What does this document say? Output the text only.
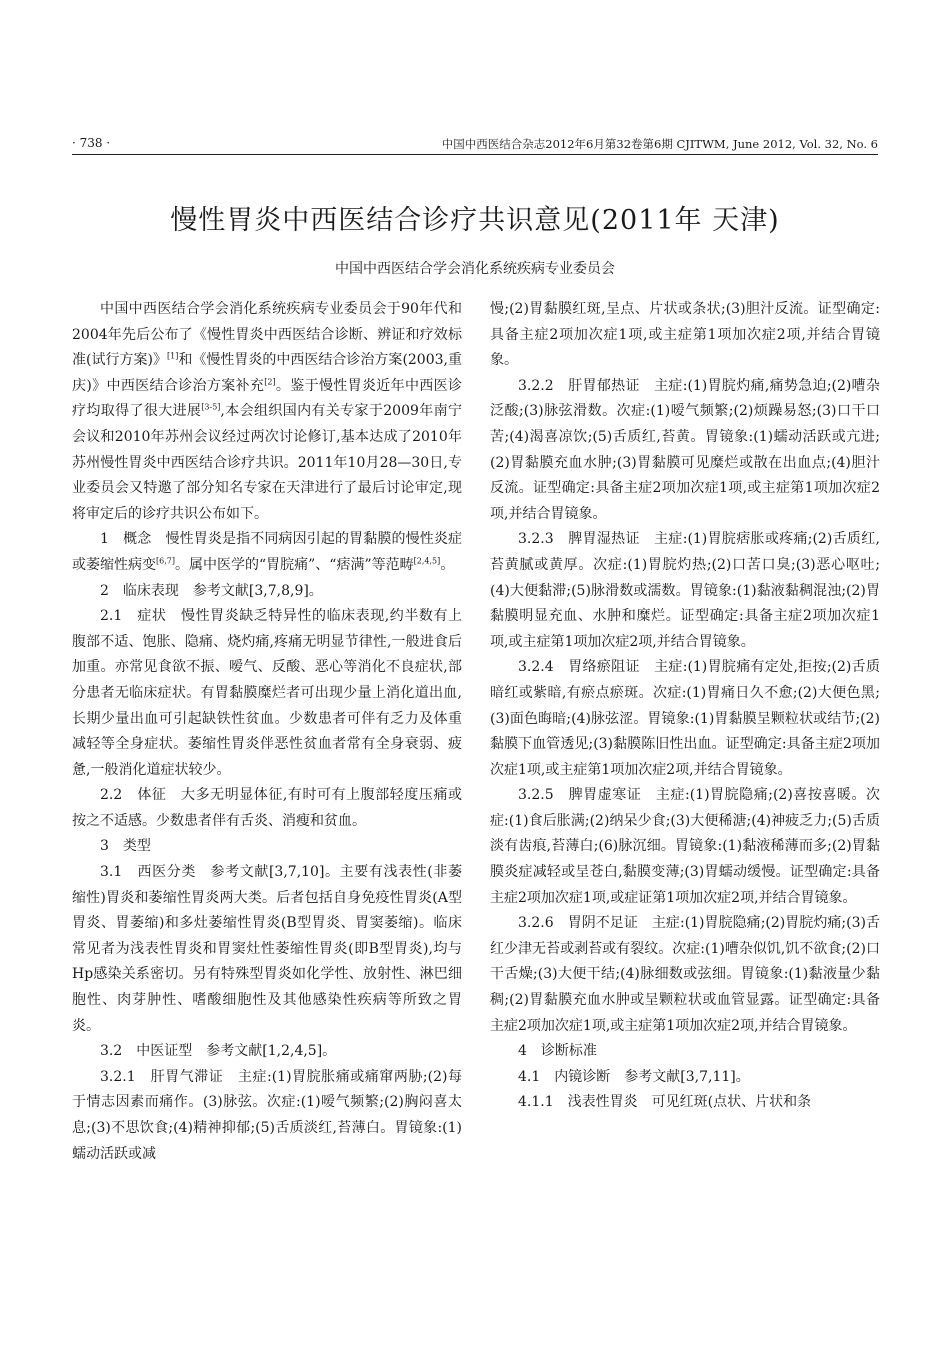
· 738 ·	中国中西医结合杂志2012年6月第32卷第6期 CJITWM, June 2012, Vol. 32, No. 6
慢性胃炎中西医结合诊疗共识意见(2011年 天津)
中国中西医结合学会消化系统疾病专业委员会

中国中西医结合学会消化系统疾病专业委员会于90年代和2004年先后公布了《慢性胃炎中西医结合诊断、辨证和疗效标准(试行方案)》[1]和《慢性胃炎的中西医结合诊治方案(2003,重庆)》中西医结合诊治方案补充[2]。鉴于慢性胃炎近年中西医诊疗均取得了很大进展[3-5],本会组织国内有关专家于2009年南宁会议和2010年苏州会议经过两次讨论修订,基本达成了2010年苏州慢性胃炎中西医结合诊疗共识。2011年10月28—30日,专业委员会又特邀了部分知名专家在天津进行了最后讨论审定,现将审定后的诊疗共识公布如下。

1　概念　慢性胃炎是指不同病因引起的胃黏膜的慢性炎症或萎缩性病变[6,7]。属中医学的“胃脘痛”、“痞满”等范畴[2,4,5]。

2　临床表现　参考文献[3,7,8,9]。

2.1　症状　慢性胃炎缺乏特异性的临床表现,约半数有上腹部不适、饱胀、隐痛、烧灼痛,疼痛无明显节律性,一般进食后加重。亦常见食欲不振、嗳气、反酸、恶心等消化不良症状,部分患者无临床症状。有胃黏膜糜烂者可出现少量上消化道出血,长期少量出血可引起缺铁性贫血。少数患者可伴有乏力及体重减轻等全身症状。萎缩性胃炎伴恶性贫血者常有全身衰弱、疲惫,一般消化道症状较少。

2.2　体征　大多无明显体征,有时可有上腹部轻度压痛或按之不适感。少数患者伴有舌炎、消瘦和贫血。

3　类型

3.1　西医分类　参考文献[3,7,10]。主要有浅表性(非萎缩性)胃炎和萎缩性胃炎两大类。后者包括自身免疫性胃炎(A型胃炎、胃萎缩)和多灶萎缩性胃炎(B型胃炎、胃窦萎缩)。临床常见者为浅表性胃炎和胃窦灶性萎缩性胃炎(即B型胃炎),均与Hp感染关系密切。另有特殊型胃炎如化学性、放射性、淋巴细胞性、肉芽肿性、嗜酸细胞性及其他感染性疾病等所致之胃炎。

3.2　中医证型　参考文献[1,2,4,5]。

3.2.1　肝胃气滞证　主症:(1)胃脘胀痛或痛窜两胁;(2)每于情志因素而痛作。(3)脉弦。次症:(1)嗳气频繁;(2)胸闷喜太息;(3)不思饮食;(4)精神抑郁;(5)舌质淡红,苔薄白。胃镜象:(1)蠕动活跃或减

慢;(2)胃黏膜红斑,呈点、片状或条状;(3)胆汁反流。证型确定:具备主症2项加次症1项,或主症第1项加次症2项,并结合胃镜象。

3.2.2　肝胃郁热证　主症:(1)胃脘灼痛,痛势急迫;(2)嘈杂泛酸;(3)脉弦滑数。次症:(1)嗳气频繁;(2)烦躁易怒;(3)口干口苦;(4)渴喜凉饮;(5)舌质红,苔黄。胃镜象:(1)蠕动活跃或亢进;(2)胃黏膜充血水肿;(3)胃黏膜可见糜烂或散在出血点;(4)胆汁反流。证型确定:具备主症2项加次症1项,或主症第1项加次症2项,并结合胃镜象。

3.2.3　脾胃湿热证　主症:(1)胃脘痞胀或疼痛;(2)舌质红,苔黄腻或黄厚。次症:(1)胃脘灼热;(2)口苦口臭;(3)恶心呕吐;(4)大便黏滞;(5)脉滑数或濡数。胃镜象:(1)黏液黏稠混浊;(2)胃黏膜明显充血、水肿和糜烂。证型确定:具备主症2项加次症1项,或主症第1项加次症2项,并结合胃镜象。

3.2.4　胃络瘀阻证　主症:(1)胃脘痛有定处,拒按;(2)舌质暗红或紫暗,有瘀点瘀斑。次症:(1)胃痛日久不愈;(2)大便色黑;(3)面色晦暗;(4)脉弦涩。胃镜象:(1)胃黏膜呈颗粒状或结节;(2)黏膜下血管透见;(3)黏膜陈旧性出血。证型确定:具备主症2项加次症1项,或主症第1项加次症2项,并结合胃镜象。

3.2.5　脾胃虚寒证　主症:(1)胃脘隐痛;(2)喜按喜暖。次症:(1)食后胀满;(2)纳呆少食;(3)大便稀溏;(4)神疲乏力;(5)舌质淡有齿痕,苔薄白;(6)脉沉细。胃镜象:(1)黏液稀薄而多;(2)胃黏膜炎症减轻或呈苍白,黏膜变薄;(3)胃蠕动缓慢。证型确定:具备主症2项加次症1项,或症证第1项加次症2项,并结合胃镜象。

3.2.6　胃阴不足证　主症:(1)胃脘隐痛;(2)胃脘灼痛;(3)舌红少津无苔或剥苔或有裂纹。次症:(1)嘈杂似饥,饥不欲食;(2)口干舌燥;(3)大便干结;(4)脉细数或弦细。胃镜象:(1)黏液量少黏稠;(2)胃黏膜充血水肿或呈颗粒状或血管显露。证型确定:具备主症2项加次症1项,或主症第1项加次症2项,并结合胃镜象。

4　诊断标准

4.1　内镜诊断　参考文献[3,7,11]。

4.1.1　浅表性胃炎　可见红斑(点状、片状和条
